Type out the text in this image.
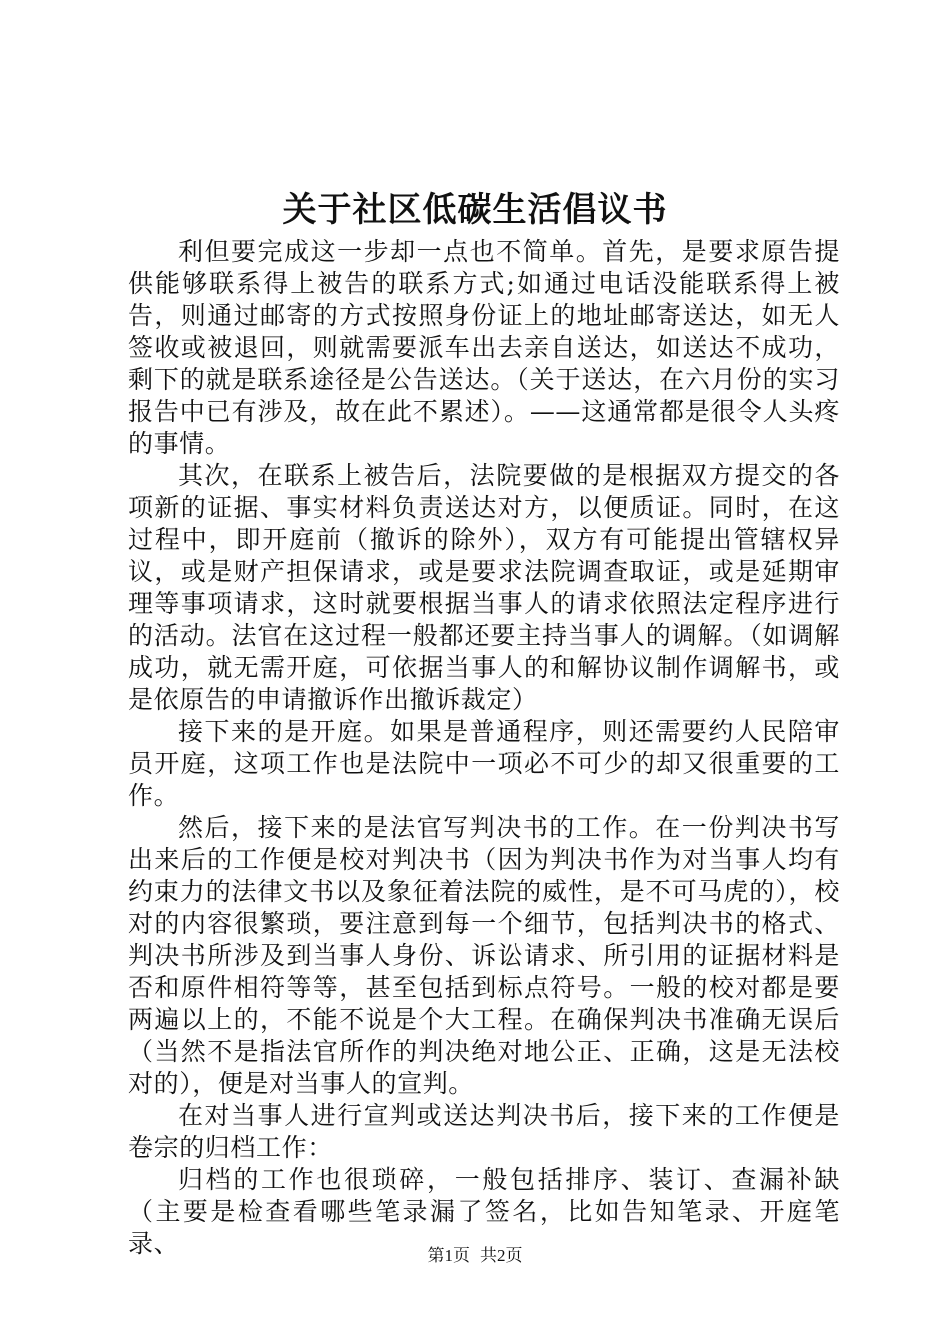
关于社区低碳生活倡议书

利但要完成这一步却一点也不简单。首先，是要求原告提供能够联系得上被告的联系方式;如通过电话没能联系得上被告，则通过邮寄的方式按照身份证上的地址邮寄送达，如无人签收或被退回，则就需要派车出去亲自送达，如送达不成功，剩下的就是联系途径是公告送达。（关于送达，在六月份的实习报告中已有涉及，故在此不累述）。——这通常都是很令人头疼的事情。

其次，在联系上被告后，法院要做的是根据双方提交的各项新的证据、事实材料负责送达对方，以便质证。同时，在这过程中，即开庭前（撤诉的除外），双方有可能提出管辖权异议，或是财产担保请求，或是要求法院调查取证，或是延期审理等事项请求，这时就要根据当事人的请求依照法定程序进行的活动。法官在这过程一般都还要主持当事人的调解。（如调解成功，就无需开庭，可依据当事人的和解协议制作调解书，或是依原告的申请撤诉作出撤诉裁定）

接下来的是开庭。如果是普通程序，则还需要约人民陪审员开庭，这项工作也是法院中一项必不可少的却又很重要的工作。

然后，接下来的是法官写判决书的工作。在一份判决书写出来后的工作便是校对判决书（因为判决书作为对当事人均有约束力的法律文书以及象征着法院的威性，是不可马虎的），校对的内容很繁琐，要注意到每一个细节，包括判决书的格式、判决书所涉及到当事人身份、诉讼请求、所引用的证据材料是否和原件相符等等，甚至包括到标点符号。一般的校对都是要两遍以上的，不能不说是个大工程。在确保判决书准确无误后（当然不是指法官所作的判决绝对地公正、正确，这是无法校对的），便是对当事人的宣判。

在对当事人进行宣判或送达判决书后，接下来的工作便是卷宗的归档工作：

归档的工作也很琐碎，一般包括排序、装订、查漏补缺（主要是检查看哪些笔录漏了签名，比如告知笔录、开庭笔录、	第1页 共2页
